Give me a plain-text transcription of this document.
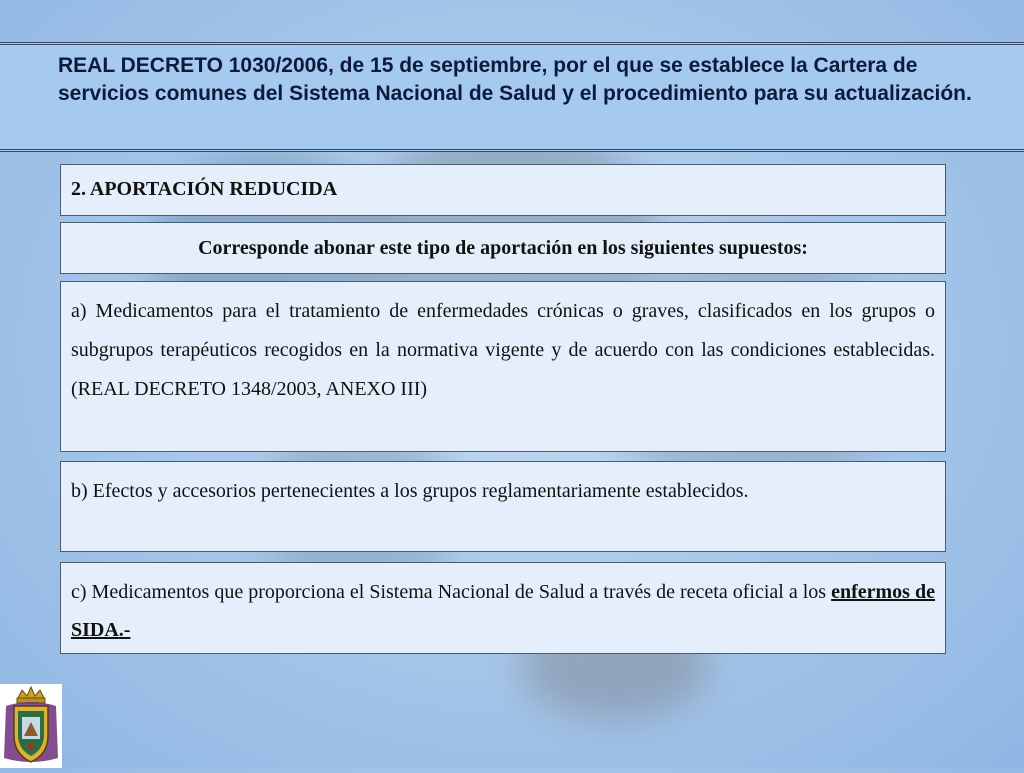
REAL DECRETO 1030/2006, de 15 de septiembre, por el que se establece la Cartera de servicios comunes del Sistema Nacional de Salud y el procedimiento para su actualización.
2. APORTACIÓN REDUCIDA
Corresponde abonar este tipo de aportación en los siguientes supuestos:
a) Medicamentos para el tratamiento de enfermedades crónicas o graves, clasificados en los grupos o subgrupos terapéuticos recogidos en la normativa vigente y de acuerdo con las condiciones establecidas. (REAL DECRETO 1348/2003, ANEXO III)
b) Efectos y accesorios pertenecientes a los grupos reglamentariamente establecidos.
c) Medicamentos que proporciona el Sistema Nacional de Salud a través de receta oficial a los enfermos de SIDA.-
